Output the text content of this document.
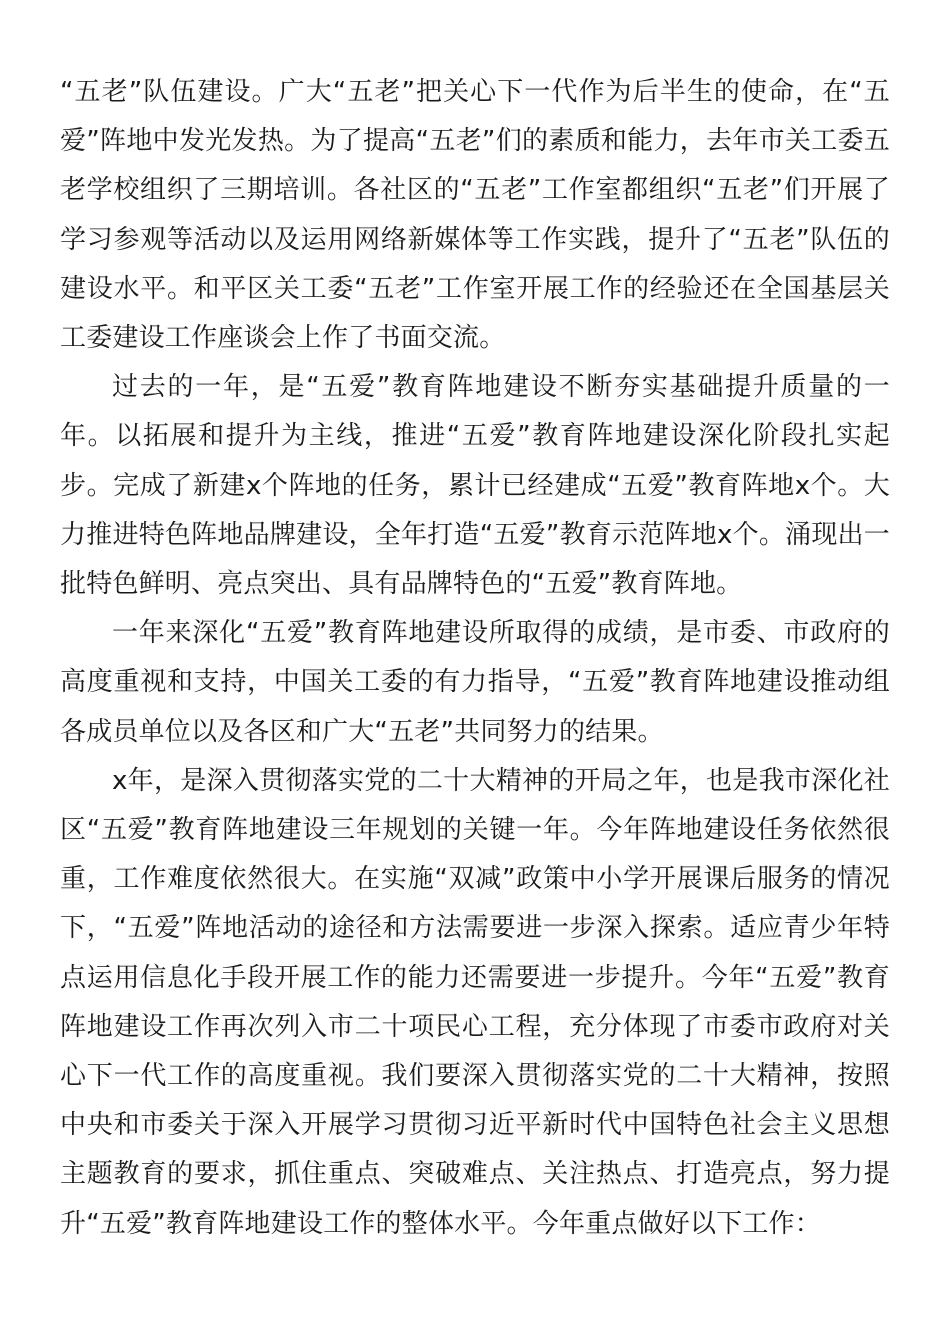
“五老”队伍建设。广大“五老”把关心下一代作为后半生的使命，在“五爱”阵地中发光发热。为了提高“五老”们的素质和能力，去年市关工委五老学校组织了三期培训。各社区的“五老”工作室都组织“五老”们开展了学习参观等活动以及运用网络新媒体等工作实践，提升了“五老”队伍的建设水平。和平区关工委“五老”工作室开展工作的经验还在全国基层关工委建设工作座谈会上作了书面交流。

过去的一年，是“五爱”教育阵地建设不断夯实基础提升质量的一年。以拓展和提升为主线，推进“五爱”教育阵地建设深化阶段扎实起步。完成了新建x个阵地的任务，累计已经建成“五爱”教育阵地x个。大力推进特色阵地品牌建设，全年打造“五爱”教育示范阵地x个。涌现出一批特色鲜明、亮点突出、具有品牌特色的“五爱”教育阵地。

一年来深化“五爱”教育阵地建设所取得的成绩，是市委、市政府的高度重视和支持，中国关工委的有力指导，“五爱”教育阵地建设推动组各成员单位以及各区和广大“五老”共同努力的结果。

x年，是深入贯彻落实党的二十大精神的开局之年，也是我市深化社区“五爱”教育阵地建设三年规划的关键一年。今年阵地建设任务依然很重，工作难度依然很大。在实施“双减”政策中小学开展课后服务的情况下，“五爱”阵地活动的途径和方法需要进一步深入探索。适应青少年特点运用信息化手段开展工作的能力还需要进一步提升。今年“五爱”教育阵地建设工作再次列入市二十项民心工程，充分体现了市委市政府对关心下一代工作的高度重视。我们要深入贯彻落实党的二十大精神，按照中央和市委关于深入开展学习贯彻习近平新时代中国特色社会主义思想主题教育的要求，抓住重点、突破难点、关注热点、打造亮点，努力提升“五爱”教育阵地建设工作的整体水平。今年重点做好以下工作：
